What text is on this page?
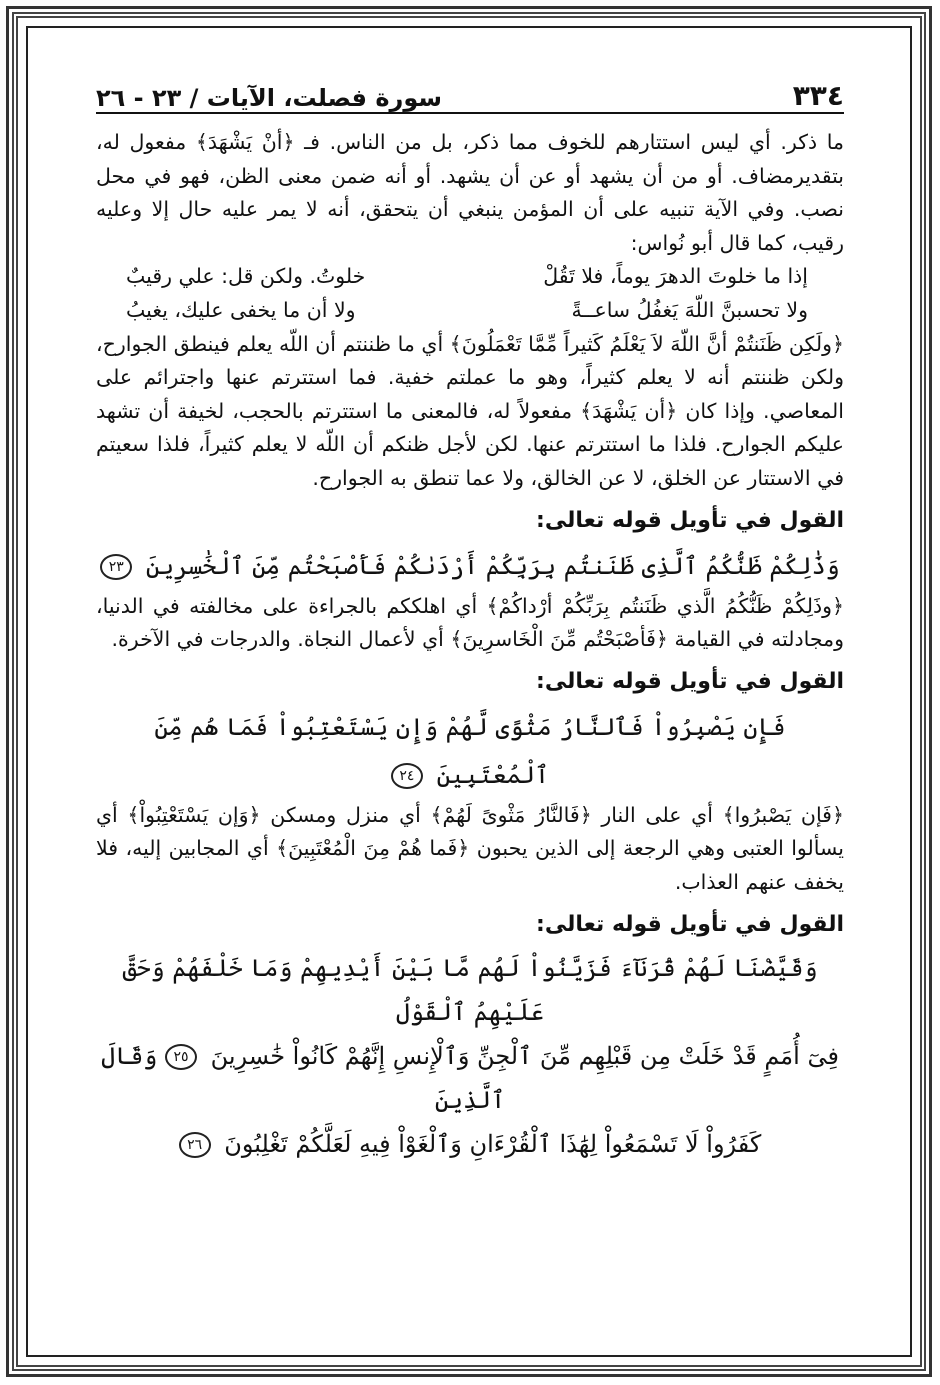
٣٣٤
سورة فصلت، الآيات / ٢٣ - ٢٦

ما ذكر. أي ليس استتارهم للخوف مما ذكر، بل من الناس. فـ ﴿أنْ يَشْهَدَ﴾ مفعول له، بتقديرمضاف. أو من أن يشهد أو عن أن يشهد. أو أنه ضمن معنى الظن، فهو في محل نصب. وفي الآية تنبيه على أن المؤمن ينبغي أن يتحقق، أنه لا يمر عليه حال إلا وعليه رقيب، كما قال أبو نُواس:

إذا ما خلوتَ الدهرَ يوماً، فلا تَقُلْ
خلوتُ. ولكن قل: علي رقيبٌ
ولا تحسبنَّ اللّهَ يَغفُلُ ساعــةً
ولا أن ما يخفى عليك، يغيبُ

﴿ولَكِن ظَنَنتُمْ أنَّ اللّهَ لاَ يَعْلَمُ كَثيراً مِّمَّا تَعْمَلُونَ﴾ أي ما ظننتم أن اللّه يعلم فينطق الجوارح، ولكن ظننتم أنه لا يعلم كثيراً، وهو ما عملتم خفية. فما استترتم عنها واجترائم على المعاصي. وإذا كان ﴿أن يَشْهَدَ﴾ مفعولاً له، فالمعنى ما استترتم بالحجب، لخيفة أن تشهد عليكم الجوارح. فلذا ما استترتم عنها. لكن لأجل ظنكم أن اللّه لا يعلم كثيراً، فلذا سعيتم في الاستتار عن الخلق، لا عن الخالق، ولا عما تنطق به الجوارح.

القول في تأويل قوله تعالى:

وَذَٰلِكُمْ ظَنُّكُمُ ٱلَّذِى ظَنَنتُم بِرَبِّكُمْ أَرْدَىٰكُمْ فَأَصْبَحْتُم مِّنَ ٱلْخَٰسِرِينَ ٢٣

﴿وذَلِكُمْ ظَنُّكُمُ الَّذي ظَنَنتُم بِرَبِّكُمْ أرْداكُمْ﴾ أي اهلككم بالجراءة على مخالفته في الدنيا، ومجادلته في القيامة ﴿فَأصْبَحْتُم مِّنَ الْخَاسرِينَ﴾ أي لأعمال النجاة. والدرجات في الآخرة.

القول في تأويل قوله تعالى:

فَإِن يَصْبِرُواْ فَٱلنَّارُ مَثْوًى لَّهُمْ وَإِن يَسْتَعْتِبُواْ فَمَا هُم مِّنَ ٱلْمُعْتَبِينَ ٢٤

﴿فَإن يَصْبرُوا﴾ أي على النار ﴿فَالنَّارُ مَثْوىً لَهُمْ﴾ أي منزل ومسكن ﴿وَإن يَسْتَعْتِبُواْ﴾ أي يسألوا العتبى وهي الرجعة إلى الذين يحبون ﴿فَما هُمْ مِنَ الْمُعْتَبِينَ﴾ أي المجابين إليه، فلا يخفف عنهم العذاب.

القول في تأويل قوله تعالى:

وَقَيَّضْنَا لَهُمْ قُرَنَآءَ فَزَيَّنُواْ لَهُم مَّا بَيْنَ أَيْدِيهِمْ وَمَا خَلْفَهُمْ وَحَقَّ عَلَيْهِمُ ٱلْقَوْلُ

فِىٓ أُمَمٍ قَدْ خَلَتْ مِن قَبْلِهِم مِّنَ ٱلْجِنِّ وَٱلْإِنسِ إِنَّهُمْ كَانُواْ خَٰسِرِينَ ٢٥ وَقَالَ ٱلَّذِينَ

كَفَرُواْ لَا تَسْمَعُواْ لِهَٰذَا ٱلْقُرْءَانِ وَٱلْغَوْاْ فِيهِ لَعَلَّكُمْ تَغْلِبُونَ ٢٦
